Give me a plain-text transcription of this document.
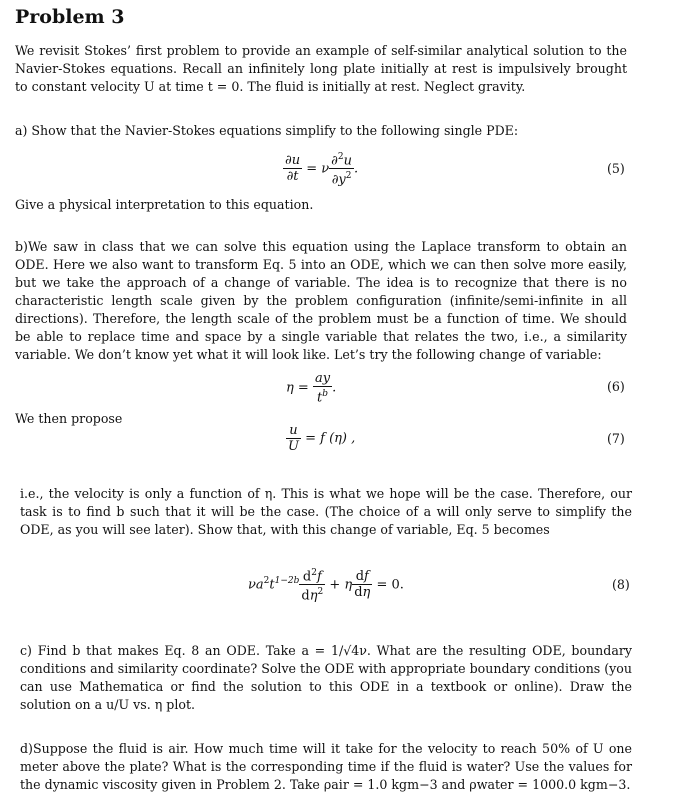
Problem 3
We revisit Stokes’ first problem to provide an example of self-similar analytical solution to the Navier-Stokes equations. Recall an infinitely long plate initially at rest is impulsively brought to constant velocity U at time t = 0. The fluid is initially at rest. Neglect gravity.
a) Show that the Navier-Stokes equations simplify to the following single PDE:
$\frac{\partial u}{\partial t} = \nu \frac{\partial^2u}{\partial y^2}$ .	(5)
Give a physical interpretation to this equation.
b)We saw in class that we can solve this equation using the Laplace transform to obtain an ODE. Here we also want to transform Eq. 5 into an ODE, which we can then solve more easily, but we take the approach of a change of variable. The idea is to recognize that there is no characteristic length scale given by the problem configuration (infinite/semi-infinite in all directions). Therefore, the length scale of the problem must be a function of time. We should be able to replace time and space by a single variable that relates the two, i.e., a similarity variable. We don’t know yet what it will look like. Let’s try the following change of variable:
$\eta = \frac{ay}{t^b}$ .	(6)
We then propose
$\frac{u}{U} = f$ (η) ,	(7)
i.e., the velocity is only a function of η. This is what we hope will be the case. Therefore, our task is to find b such that it will be the case. (The choice of a will only serve to simplify the ODE, as you will see later). Show that, with this change of variable, Eq. 5 becomes
$\nu a^2t^{1-2b} \frac{d^2f}{d\eta^2} + \eta \frac{df}{d\eta} = 0$.	(8)
c) Find b that makes Eq. 8 an ODE. Take a = 1/√4ν. What are the resulting ODE, boundary conditions and similarity coordinate? Solve the ODE with appropriate boundary conditions (you can use Mathematica or find the solution to this ODE in a textbook or online). Draw the solution on a u/U vs. η plot.
d)Suppose the fluid is air. How much time will it take for the velocity to reach 50% of U one meter above the plate? What is the corresponding time if the fluid is water? Use the values for the dynamic viscosity given in Problem 2. Take ρair = 1.0 kgm−3 and ρwater = 1000.0 kgm−3.
